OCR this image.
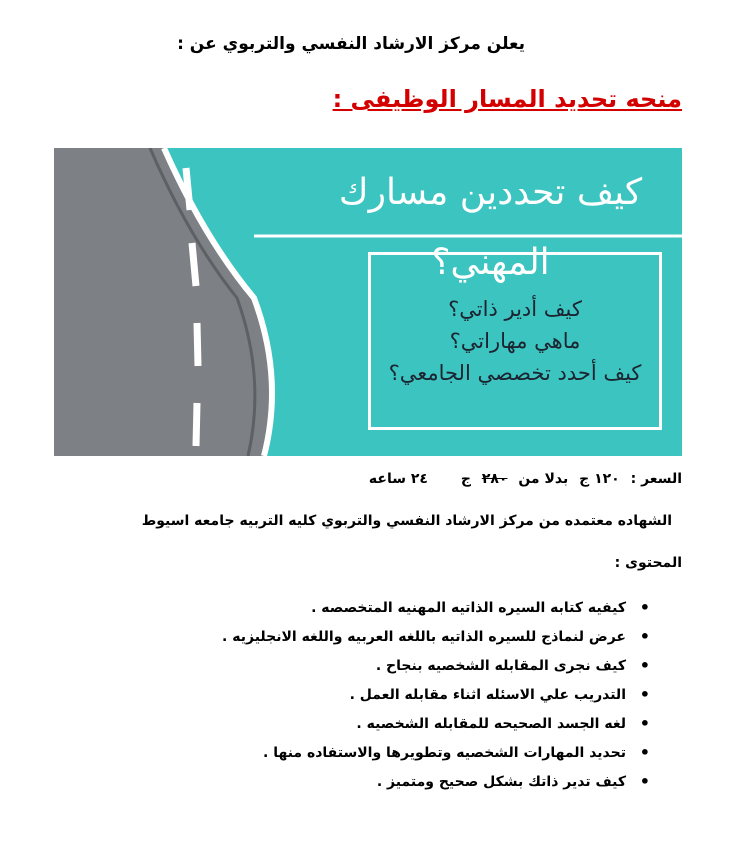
يعلن مركز الارشاد النفسي والتربوي عن :

منحه تحديد المسار الوظيفى :

كيف تحددين مسارك المهني؟
كيف أدير ذاتي؟
ماهي مهاراتي؟
كيف أحدد تخصصي الجامعي؟
السعر : ١٢٠ ج بدلا من ٢٨٠ ج ٢٤ ساعه

الشهاده معتمده من مركز الارشاد النفسي والتربوي كليه التربيه جامعه اسيوط

المحتوى :

• كيفيه كتابه السيره الذاتيه المهنيه المتخصصه .
• عرض لنماذج للسيره الذاتيه باللغه العربيه واللغه الانجليزيه .
• كيف نجرى المقابله الشخصيه بنجاح .
• التدريب علي الاسئله اثناء مقابله العمل .
• لغه الجسد الصحيحه للمقابله الشخصيه .
• تحديد المهارات الشخصيه وتطويرها والاستفاده منها .
• كيف تدير ذاتك بشكل صحيح ومتميز .
